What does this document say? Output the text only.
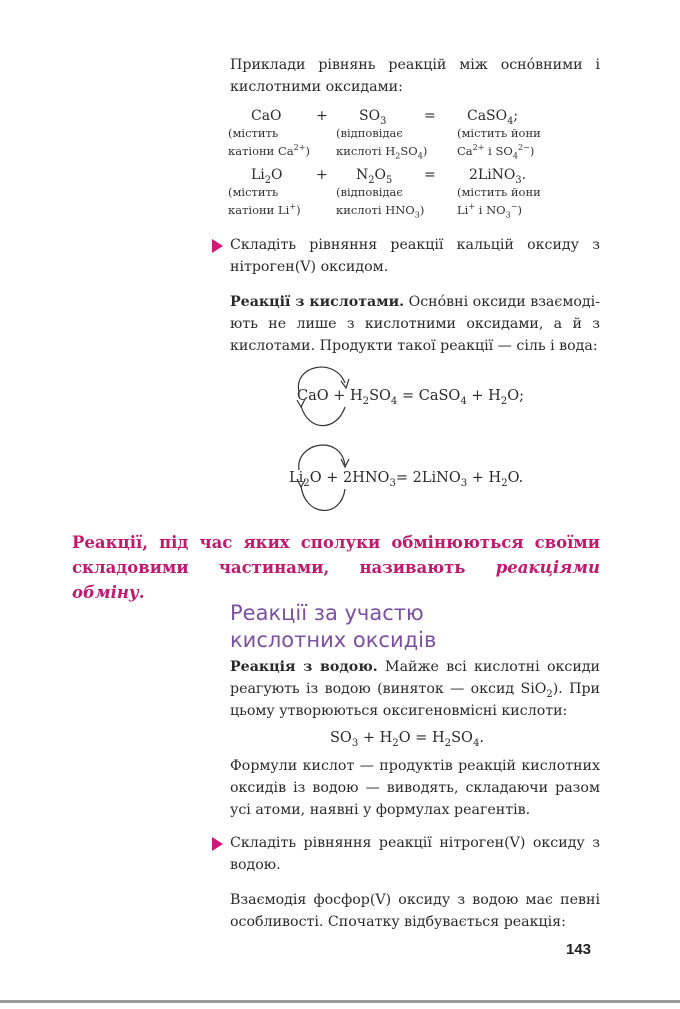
Приклади рівнянь реакцій між оснóвними і кислотними оксидами:
CaO + $SO_3$	= CaSO$_4$;
(містить
катіони $Ca^{2+}$)
(відповідає
кислоті $H_2SO_4$)
(містить йони
$Ca^{2+}$ і $SO_4^{2-}$)
$Li_2O + N_2O_5$ = 2LiNO$_3$.
(містить
катіони Li+)
(відповідає
кислоті $HNO_3$)
(містить йони
Li+ і $NO_3^-$)
Складіть рівняння реакції кальцій оксиду з нітроген(V) оксидом.
Реакції з кислотами. Оснóвні оксиди взаємодіють не лише з кислотними оксидами, а й з кислотами. Продукти такої реакції — сіль і вода:
CaO + $H_2SO_4$ = CaSO$_4$ + $H_2O$;
$Li_2O + 2HNO_3=$ 2LiNO$_3$ + $H_2O$.
Реакції, під час яких сполуки обмінюються своїми складовими частинами, називають реакціями обміну.
Реакції за участю
кислотних оксидів
Реакція з водою. Майже всі кислотні оксиди реагують із водою (виняток — оксид SiO$_2$). При цьому утворюються оксигеновмісні кислоти:
$SO_3 + H_2O = H_2SO_4$.
Формули кислот — продуктів реакцій кислотних оксидів із водою — виводять, складаючи разом усі атоми, наявні у формулах реагентів.
Складіть рівняння реакції нітроген(V) оксиду з водою.
Взаємодія фосфор(V) оксиду з водою має певні особливості. Спочатку відбувається реакція:
143
